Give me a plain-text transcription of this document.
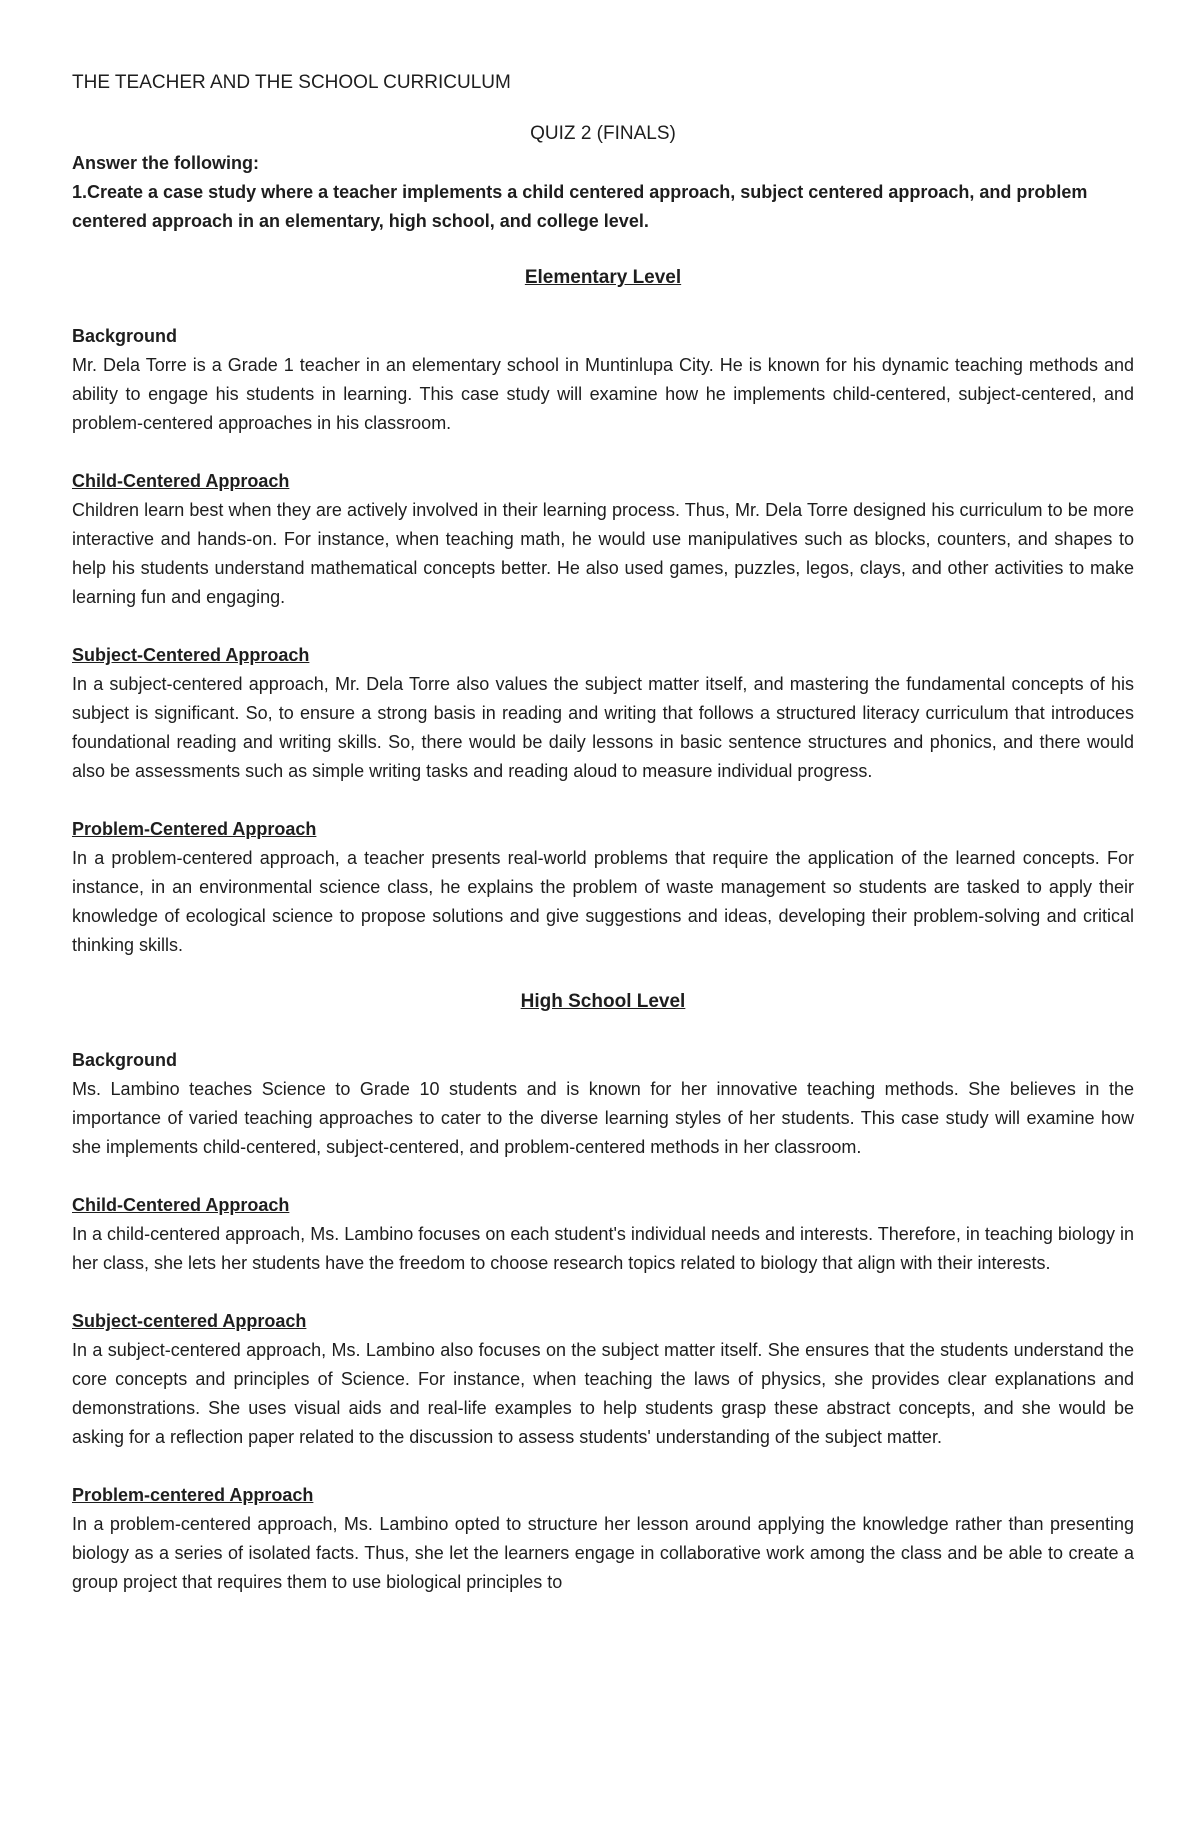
THE TEACHER AND THE SCHOOL CURRICULUM

QUIZ 2 (FINALS)

Answer the following:

1.Create a case study where a teacher implements a child centered approach, subject centered approach, and problem centered approach in an elementary, high school, and college level.

Elementary Level

Background

Mr. Dela Torre is a Grade 1 teacher in an elementary school in Muntinlupa City. He is known for his dynamic teaching methods and ability to engage his students in learning. This case study will examine how he implements child-centered, subject-centered, and problem-centered approaches in his classroom.

Child-Centered Approach

Children learn best when they are actively involved in their learning process. Thus, Mr. Dela Torre designed his curriculum to be more interactive and hands-on. For instance, when teaching math, he would use manipulatives such as blocks, counters, and shapes to help his students understand mathematical concepts better. He also used games, puzzles, legos, clays, and other activities to make learning fun and engaging.

Subject-Centered Approach

In a subject-centered approach, Mr. Dela Torre also values the subject matter itself, and mastering the fundamental concepts of his subject is significant. So, to ensure a strong basis in reading and writing that follows a structured literacy curriculum that introduces foundational reading and writing skills. So, there would be daily lessons in basic sentence structures and phonics, and there would also be assessments such as simple writing tasks and reading aloud to measure individual progress.

Problem-Centered Approach

In a problem-centered approach, a teacher presents real-world problems that require the application of the learned concepts. For instance, in an environmental science class, he explains the problem of waste management so students are tasked to apply their knowledge of ecological science to propose solutions and give suggestions and ideas, developing their problem-solving and critical thinking skills.

High School Level

Background

Ms. Lambino teaches Science to Grade 10 students and is known for her innovative teaching methods. She believes in the importance of varied teaching approaches to cater to the diverse learning styles of her students. This case study will examine how she implements child-centered, subject-centered, and problem-centered methods in her classroom.

Child-Centered Approach

In a child-centered approach, Ms. Lambino focuses on each student's individual needs and interests. Therefore, in teaching biology in her class, she lets her students have the freedom to choose research topics related to biology that align with their interests.

Subject-centered Approach

In a subject-centered approach, Ms. Lambino also focuses on the subject matter itself. She ensures that the students understand the core concepts and principles of Science. For instance, when teaching the laws of physics, she provides clear explanations and demonstrations. She uses visual aids and real-life examples to help students grasp these abstract concepts, and she would be asking for a reflection paper related to the discussion to assess students' understanding of the subject matter.

Problem-centered Approach

In a problem-centered approach, Ms. Lambino opted to structure her lesson around applying the knowledge rather than presenting biology as a series of isolated facts. Thus, she let the learners engage in collaborative work among the class and be able to create a group project that requires them to use biological principles to
